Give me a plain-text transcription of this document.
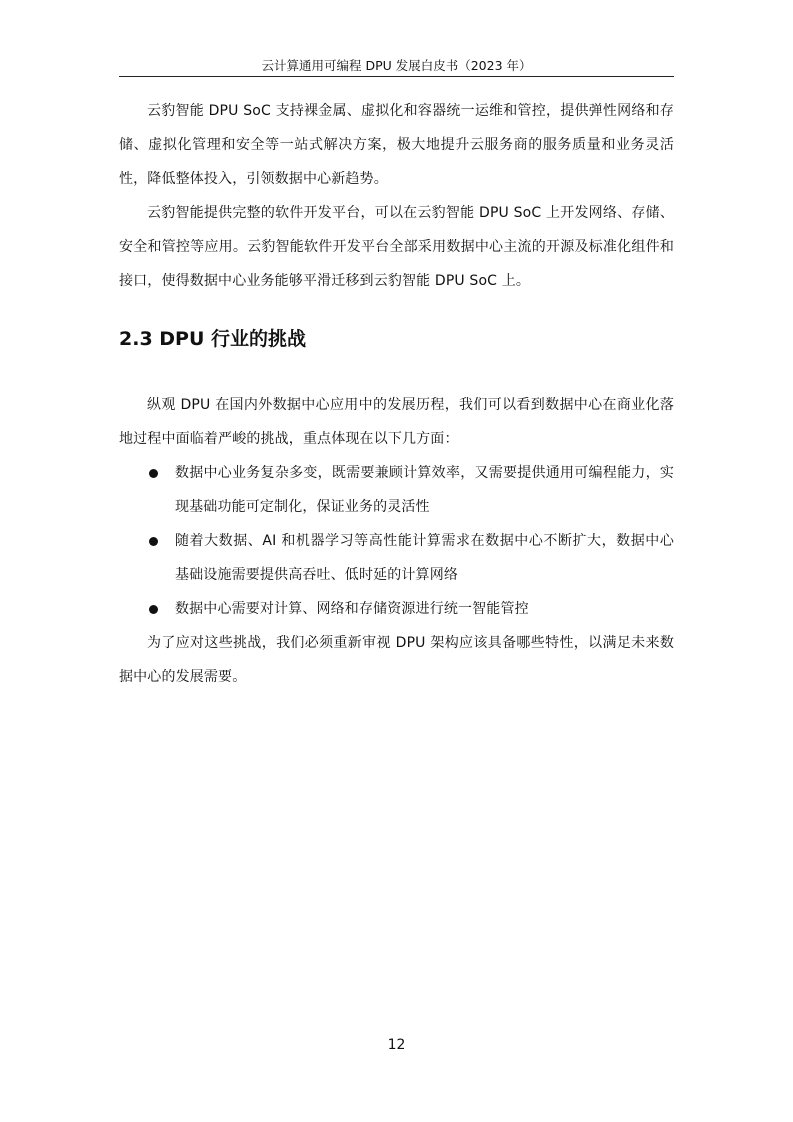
云计算通用可编程 DPU 发展白皮书（2023 年）

云豹智能 DPU SoC 支持裸金属、虚拟化和容器统一运维和管控，提供弹性网络和存储、虚拟化管理和安全等一站式解决方案，极大地提升云服务商的服务质量和业务灵活性，降低整体投入，引领数据中心新趋势。

云豹智能提供完整的软件开发平台，可以在云豹智能 DPU SoC 上开发网络、存储、安全和管控等应用。云豹智能软件开发平台全部采用数据中心主流的开源及标准化组件和接口，使得数据中心业务能够平滑迁移到云豹智能 DPU SoC 上。

2.3 DPU 行业的挑战

纵观 DPU 在国内外数据中心应用中的发展历程，我们可以看到数据中心在商业化落地过程中面临着严峻的挑战，重点体现在以下几方面：

数据中心业务复杂多变，既需要兼顾计算效率，又需要提供通用可编程能力，实现基础功能可定制化，保证业务的灵活性
随着大数据、AI 和机器学习等高性能计算需求在数据中心不断扩大，数据中心基础设施需要提供高吞吐、低时延的计算网络
数据中心需要对计算、网络和存储资源进行统一智能管控

为了应对这些挑战，我们必须重新审视 DPU 架构应该具备哪些特性，以满足未来数据中心的发展需要。

12
